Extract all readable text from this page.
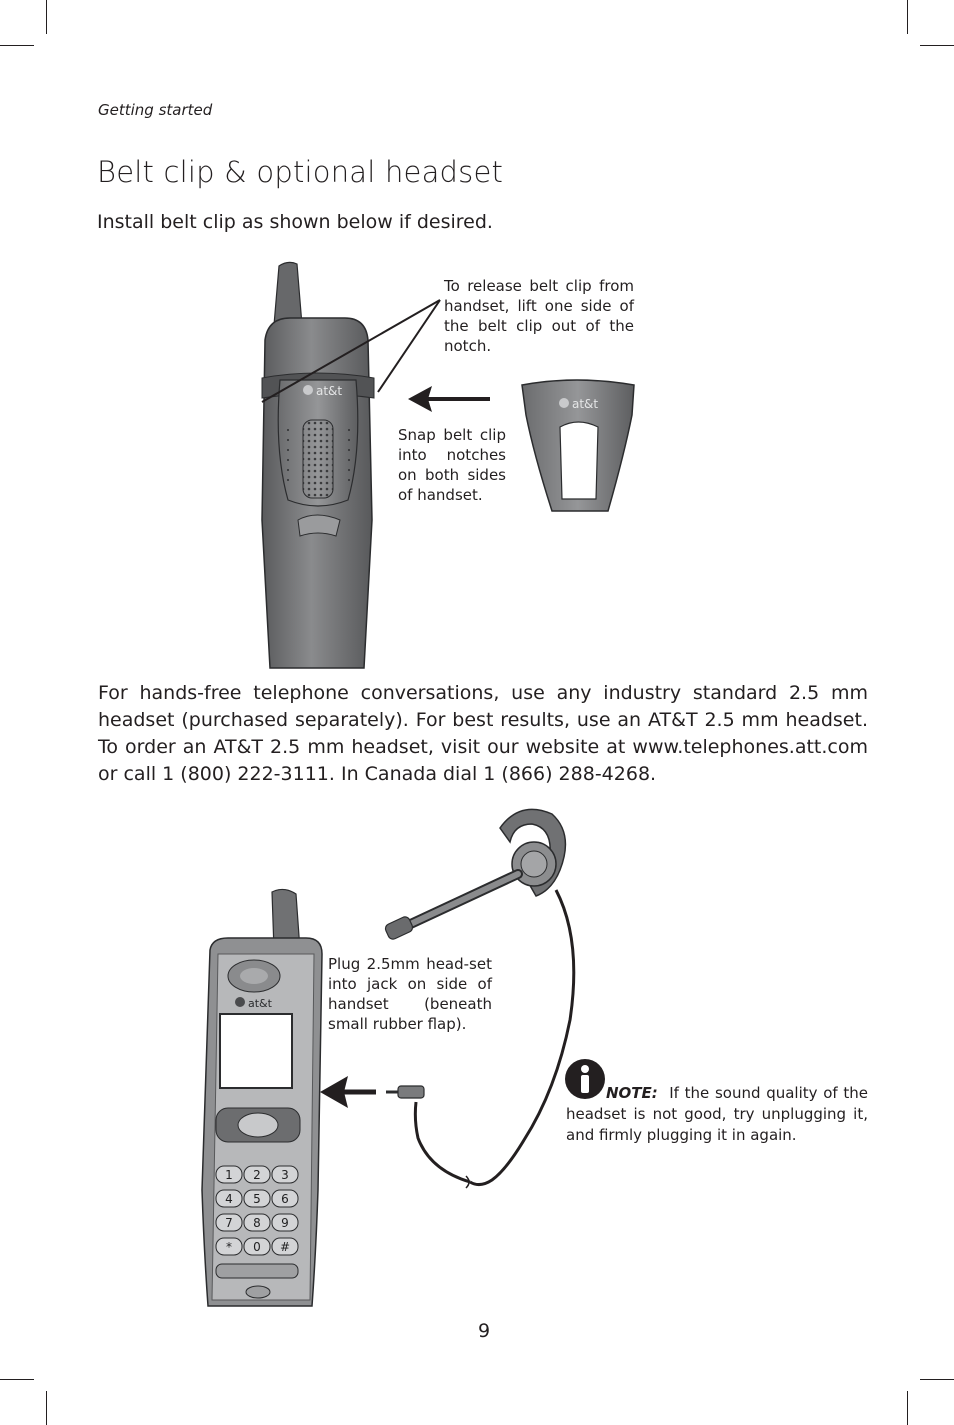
Getting started
Belt clip & optional headset
Install belt clip as shown below if desired.
at&t
at&t
To release belt clip from handset, lift one side of the belt clip out of the notch.
Snap belt clip into notches on both sides of handset.
For hands-free telephone conversations, use any industry standard 2.5 mm headset (purchased separately). For best results, use an AT&T 2.5 mm headset. To order an AT&T 2.5 mm headset, visit our website at www.telephones.att.com or call 1 (800) 222-3111. In Canada dial 1 (866) 288-4268.
at&t
1 2 3
4 5 6
7 8 9
* 0 #
Plug 2.5mm head-set into jack on side of handset (beneath small rubber flap).
NOTE: If the sound quality of the headset is not good, try unplugging it, and firmly plugging it in again.
9
